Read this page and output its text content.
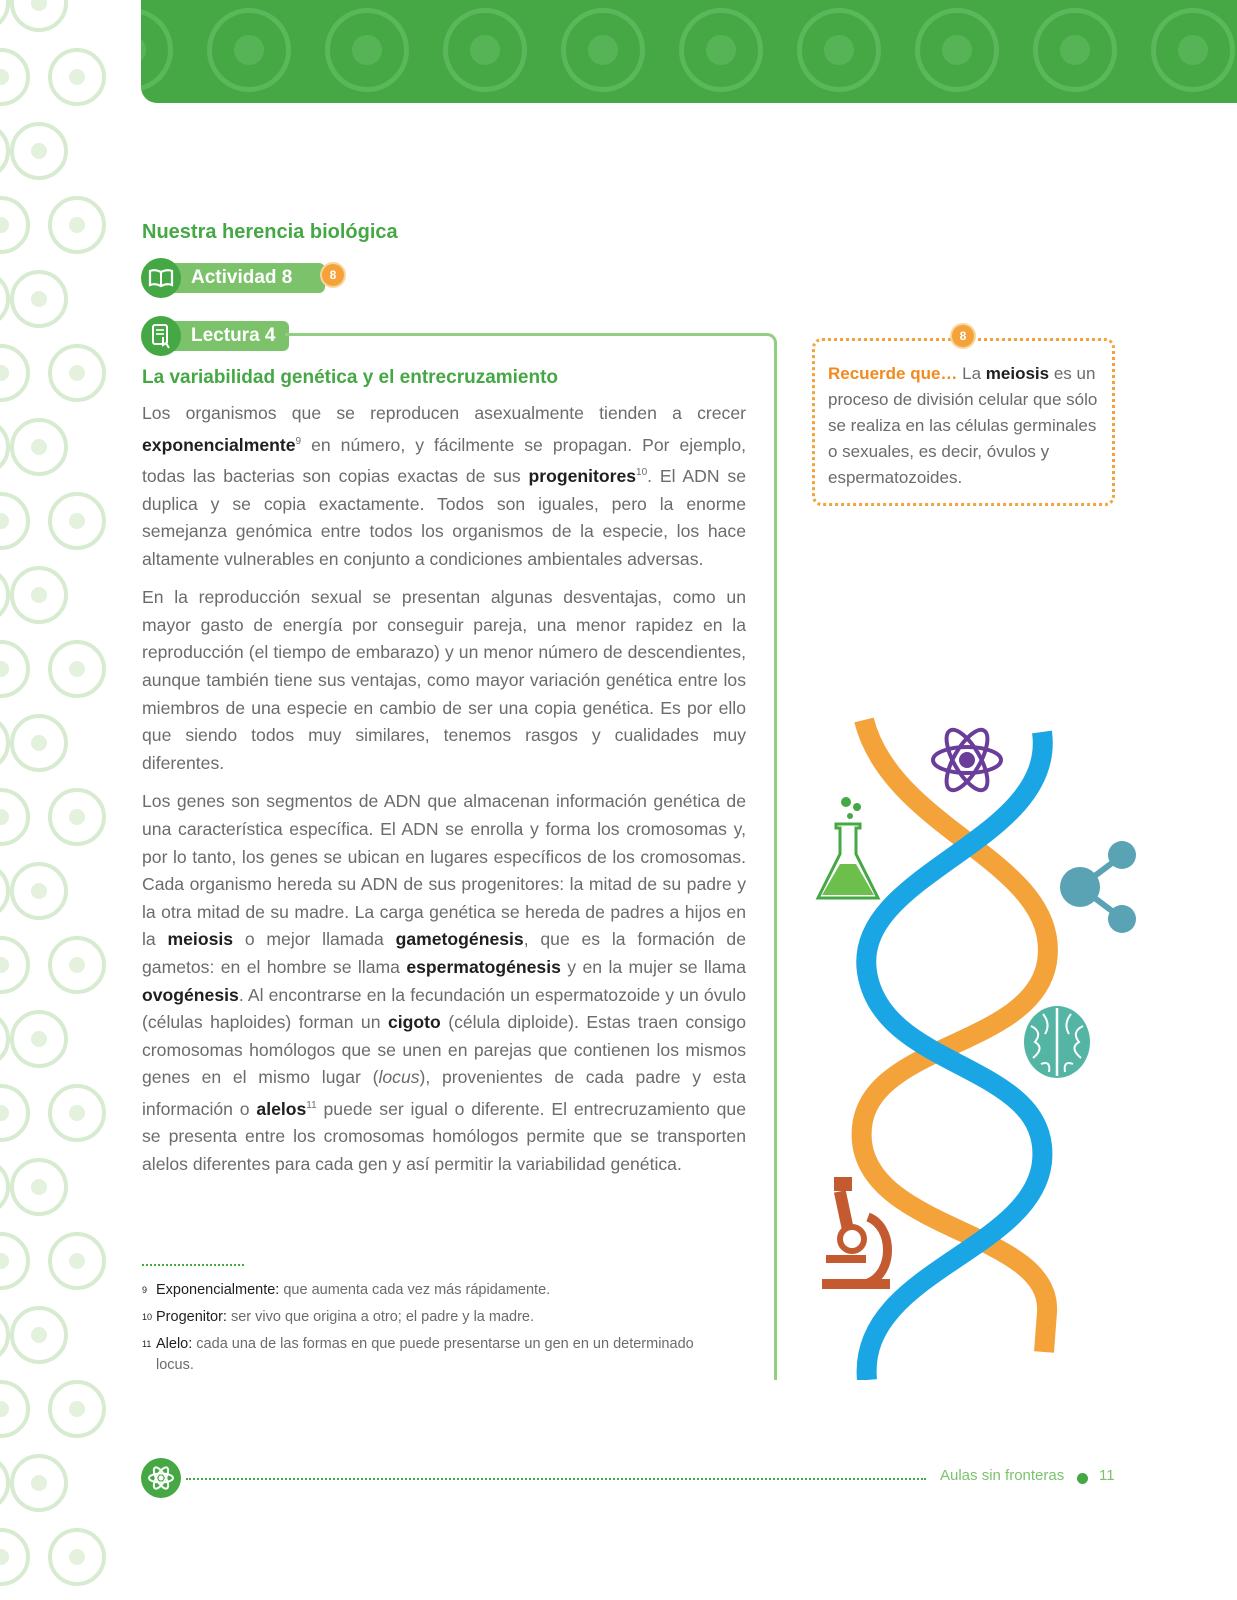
Nuestra herencia biológica
Actividad 8	8
Lectura 4
La variabilidad genética y el entrecruzamiento

Los organismos que se reproducen asexualmente tienden a crecer exponencialmente$^9$ en número, y fácilmente se propagan. Por ejemplo, todas las bacterias son copias exactas de sus progenitores$^{10}$. El ADN se duplica y se copia exactamente. Todos son iguales, pero la enorme semejanza genómica entre todos los organismos de la especie, los hace altamente vulnerables en conjunto a condiciones ambientales adversas.

En la reproducción sexual se presentan algunas desventajas, como un mayor gasto de energía por conseguir pareja, una menor rapidez en la reproducción (el tiempo de embarazo) y un menor número de descendientes, aunque también tiene sus ventajas, como mayor variación genética entre los miembros de una especie en cambio de ser una copia genética. Es por ello que siendo todos muy similares, tenemos rasgos y cualidades muy diferentes.

Los genes son segmentos de ADN que almacenan información genética de una característica específica. El ADN se enrolla y forma los cromosomas y, por lo tanto, los genes se ubican en lugares específicos de los cromosomas. Cada organismo hereda su ADN de sus progenitores: la mitad de su padre y la otra mitad de su madre. La carga genética se hereda de padres a hijos en la meiosis o mejor llamada gametogénesis, que es la formación de gametos: en el hombre se llama espermatogénesis y en la mujer se llama ovogénesis. Al encontrarse en la fecundación un espermatozoide y un óvulo (células haploides) forman un cigoto (célula diploide). Estas traen consigo cromosomas homólogos que se unen en parejas que contienen los mismos genes en el mismo lugar (locus), provenientes de cada padre y esta información o alelos$^{11}$ puede ser igual o diferente. El entrecruzamiento que se presenta entre los cromosomas homólogos permite que se transporten alelos diferentes para cada gen y así permitir la variabilidad genética.

9 Exponencialmente: que aumenta cada vez más rápidamente.
10 Progenitor: ser vivo que origina a otro; el padre y la madre.
11 Alelo: cada una de las formas en que puede presentarse un gen en un determinado locus.
8
Recuerde que… La meiosis es un proceso de división celular que sólo se realiza en las células germinales o sexuales, es decir, óvulos y espermatozoides.
Aulas sin fronteras 11
